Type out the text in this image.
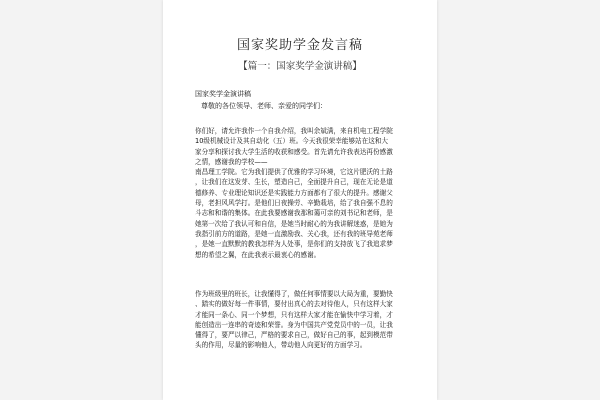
国家奖助学金发言稿
【篇一：国家奖学金演讲稿】
国家奖学金演讲稿
尊敬的各位领导、老师、亲爱的同学们：
你们好，请允许我作一个自我介绍，我叫余斌满，来自机电工程学院
10级机械设计及其自动化（五）班。今天我很荣幸能够站在这和大
家分享和探讨我大学生活的收获和感受。首先请允许我表达再份感激
之情，感谢我的学校——
南昌理工学院。它为我们提供了优雅的学习环境，它这片肥沃的土路
，让我们在这发芽、生长，塑造自己，全面提升自己，现在无论是道
德修养、专业理论知识还是实践能力方面都有了很大的提升。感谢父
母，老担风风学打。是他们日夜操劳、辛勤栽培，给了我自强不息的
斗志和和谐的集体。在此我要感谢我那和蔼可亲的刘书记和老师，是
她第一次给了我认可和自信，是她当时耐心的为我讲解迷惑，是她为
我指引前方的道路，是她一直激励我、关心我，还有我的班导苑老师
，是她一直默默的教我怎样为人处事，是你们的支持放飞了我追求梦
想的希望之翼，在此我表示最衷心的感谢。
作为班级里的班长，让我懂得了，做任何事情要以大局为重，要勤快
、踏实的做好每一件事情，要付出真心的去对待他人，只有这样大家
才能同一条心、同一个梦想，只有这样大家才能在愉快中学习着，才
能创造出一连串的奇迹和荣誉。身为中国共产党党员中的一员，让我
懂得了，要严以律己，严格的要求自己，做好自己的事，起到模范带
头的作用，尽量的影响他人，带动他人向更好的方面学习。
